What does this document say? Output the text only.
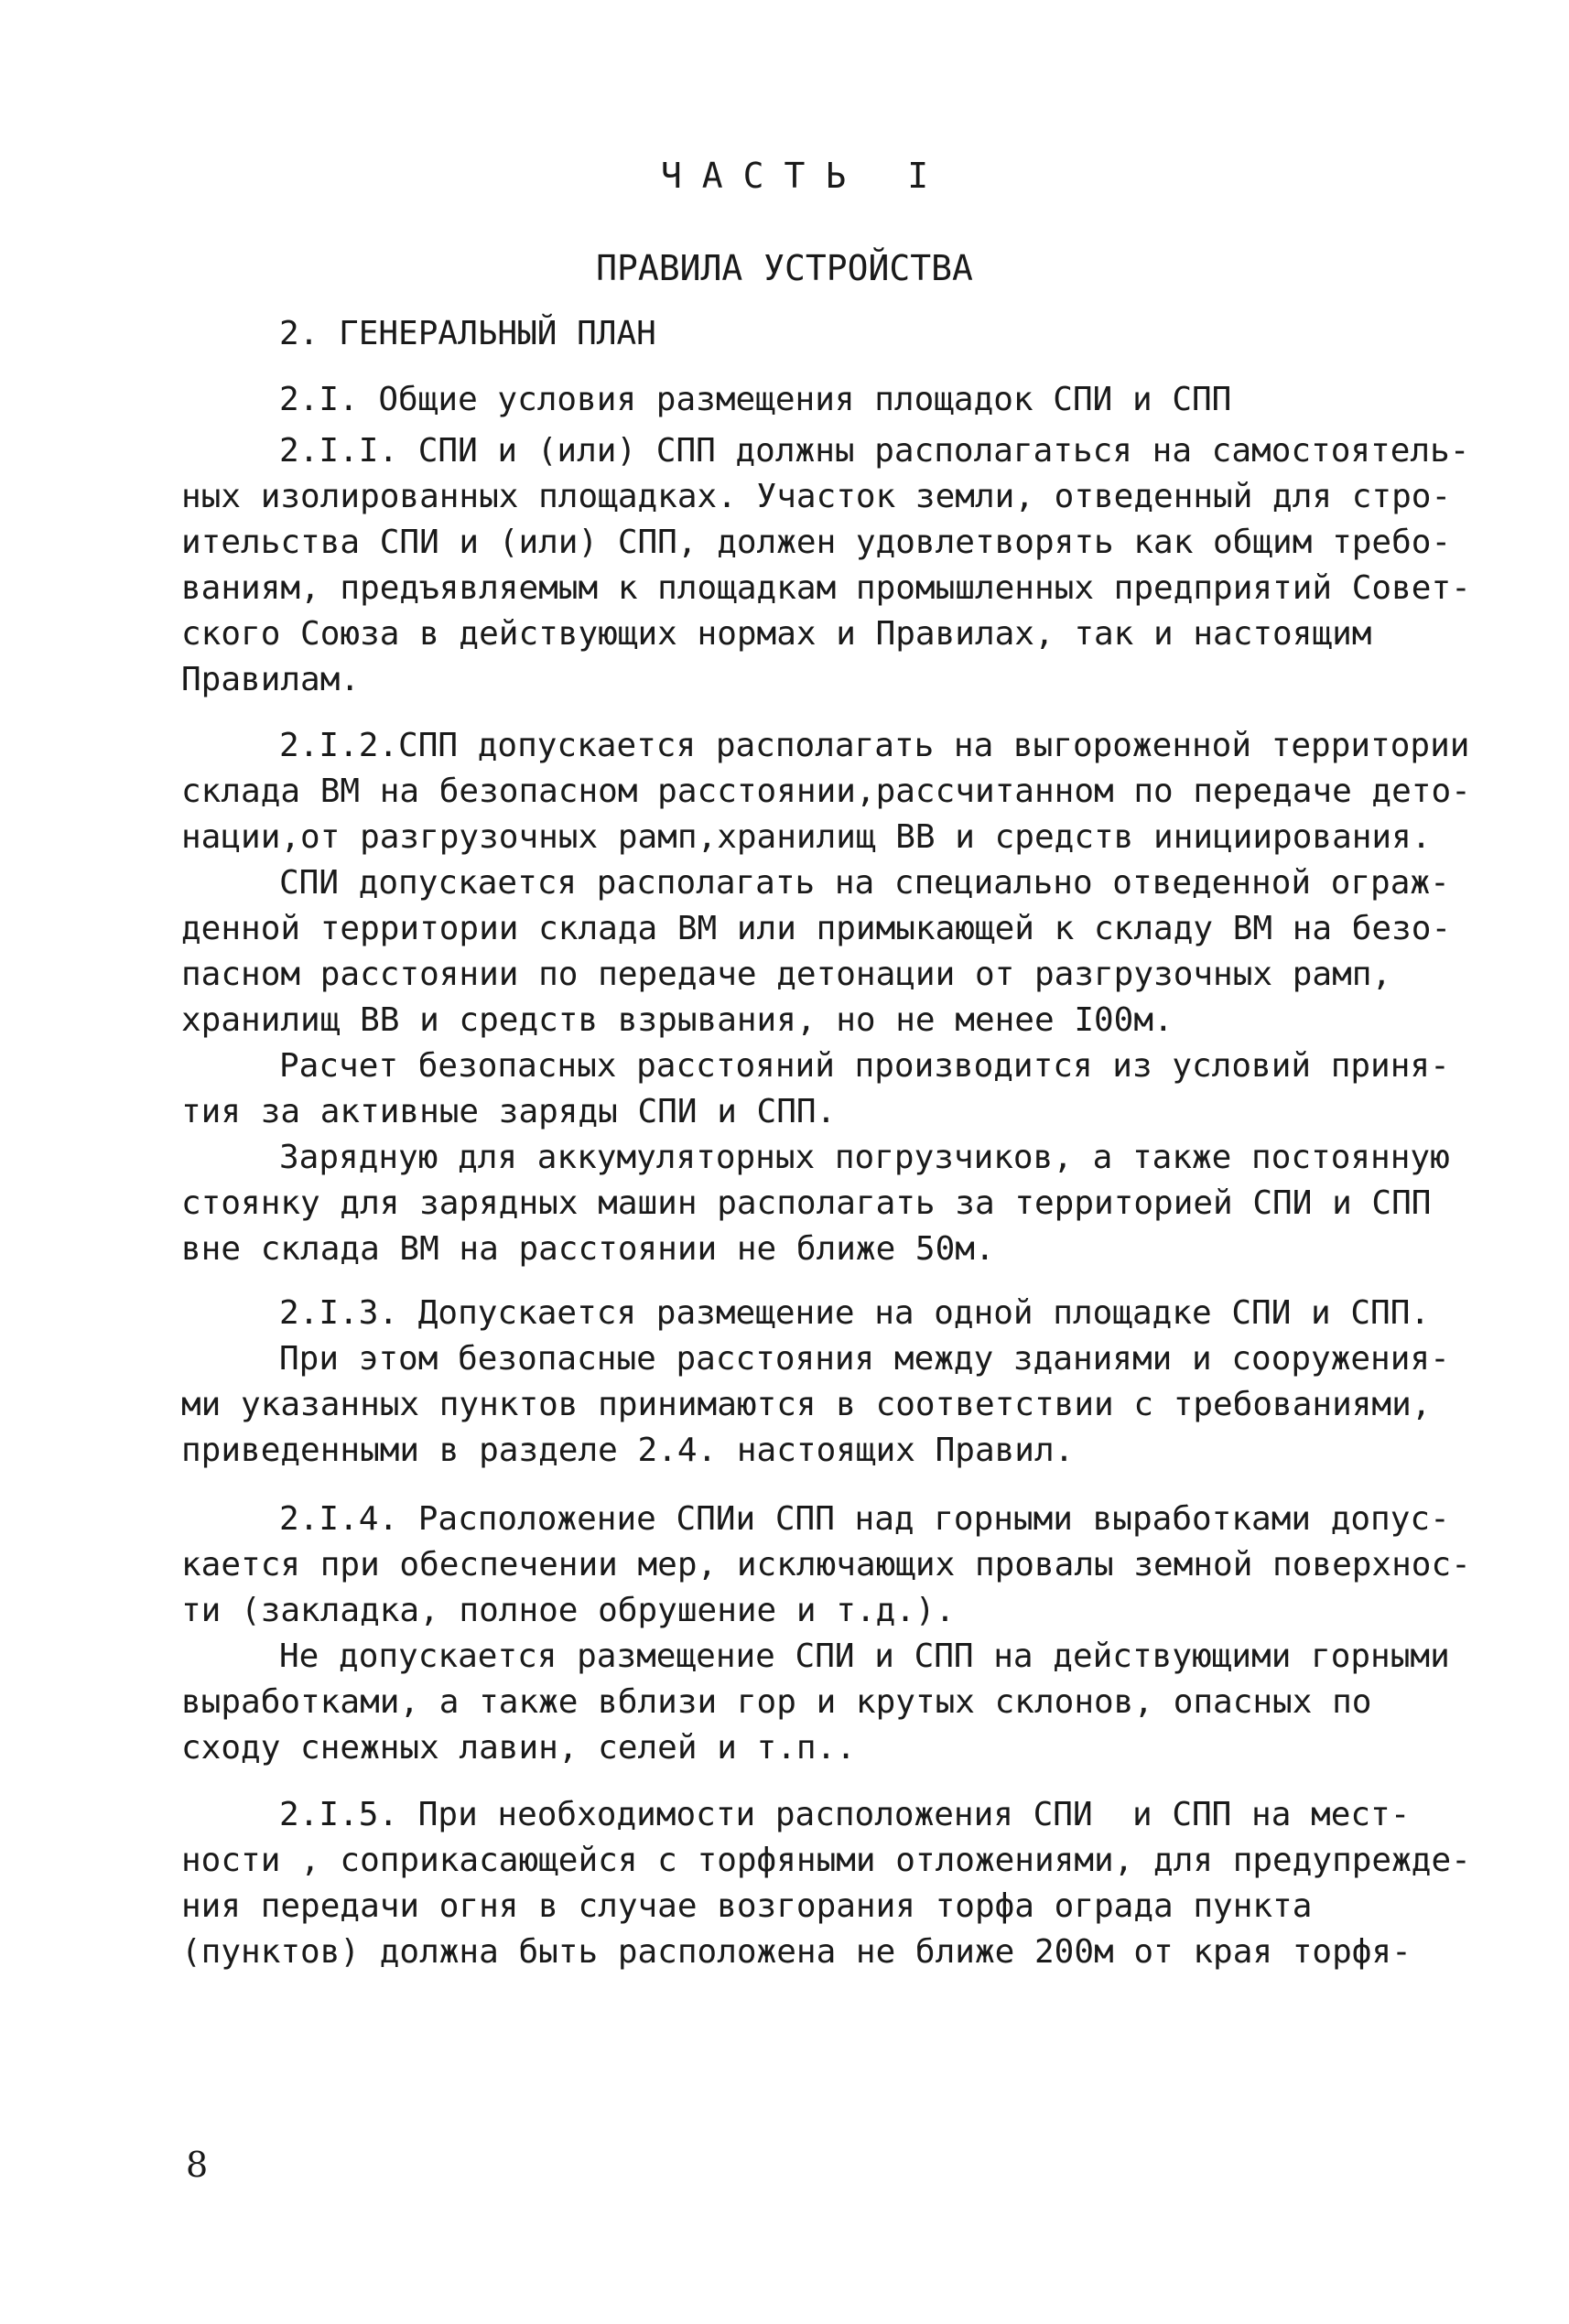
ЧАСТЬ I

ПРАВИЛА УСТРОЙСТВА

2. ГЕНЕРАЛЬНЫЙ ПЛАН

2.I. Общие условия размещения площадок СПИ и СПП

2.I.I. СПИ и (или) СПП должны располагаться на самостоятель-

ных изолированных площадках. Участок земли, отведенный для стро-

ительства СПИ и (или) СПП, должен удовлетворять как общим требо-

ваниям, предъявляемым к площадкам промышленных предприятий Совет-

ского Союза в действующих нормах и Правилах, так и настоящим

Правилам.

2.I.2.СПП допускается располагать на выгороженной территории

склада ВМ на безопасном расстоянии,рассчитанном по передаче дето-

нации,от разгрузочных рамп,хранилищ ВВ и средств инициирования.

СПИ допускается располагать на специально отведенной ограж-

денной территории склада ВМ или примыкающей к складу ВМ на безо-

пасном расстоянии по передаче детонации от разгрузочных рамп,

хранилищ ВВ и средств взрывания, но не менее I00м.

Расчет безопасных расстояний производится из условий приня-

тия за активные заряды СПИ и СПП.

Зарядную для аккумуляторных погрузчиков, а также постоянную

стоянку для зарядных машин располагать за территорией СПИ и СПП

вне склада ВМ на расстоянии не ближе 50м.

2.I.3. Допускается размещение на одной площадке СПИ и СПП.

При этом безопасные расстояния между зданиями и сооружения-

ми указанных пунктов принимаются в соответствии с требованиями,

приведенными в разделе 2.4. настоящих Правил.

2.I.4. Расположение СПИи СПП над горными выработками допус-

кается при обеспечении мер, исключающих провалы земной поверхнос-

ти (закладка, полное обрушение и т.д.).

Не допускается размещение СПИ и СПП на действующими горными

выработками, а также вблизи гор и крутых склонов, опасных по

сходу снежных лавин, селей и т.п..

2.I.5. При необходимости расположения СПИ  и СПП на мест-

ности , соприкасающейся с торфяными отложениями, для предупрежде-

ния передачи огня в случае возгорания торфа ограда пункта

(пунктов) должна быть расположена не ближе 200м от края торфя-

8
